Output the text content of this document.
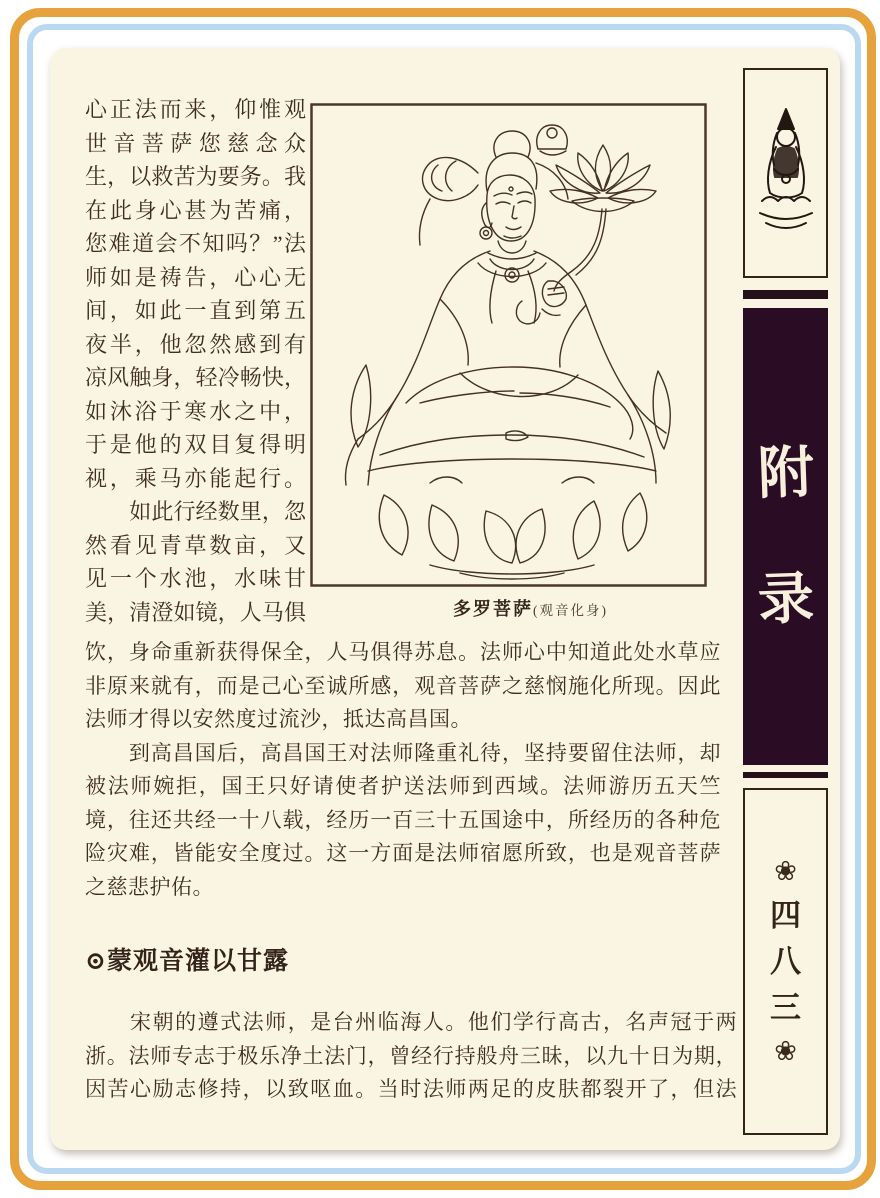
心正法而来，仰惟观
世音菩萨您慈念众
生，以救苦为要务。我
在此身心甚为苦痛，
您难道会不知吗？”法
师如是祷告，心心无
间，如此一直到第五
夜半，他忽然感到有
凉风触身，轻冷畅快，
如沐浴于寒水之中，
于是他的双目复得明
视，乘马亦能起行。
　　如此行经数里，忽
然看见青草数亩，又
见一个水池，水味甘
美，清澄如镜，人马俱	多罗菩萨(观音化身)
饮，身命重新获得保全，人马俱得苏息。法师心中知道此处水草应
非原来就有，而是己心至诚所感，观音菩萨之慈悯施化所现。因此
法师才得以安然度过流沙，抵达高昌国。
　　到高昌国后，高昌国王对法师隆重礼待，坚持要留住法师，却
被法师婉拒，国王只好请使者护送法师到西域。法师游历五天竺
境，往还共经一十八载，经历一百三十五国途中，所经历的各种危
险灾难，皆能安全度过。这一方面是法师宿愿所致，也是观音菩萨
之慈悲护佑。
⊙蒙观音灌以甘露
　　宋朝的遵式法师，是台州临海人。他们学行高古，名声冠于两
浙。法师专志于极乐净土法门，曾经行持般舟三昧，以九十日为期，
因苦心励志修持，以致呕血。当时法师两足的皮肤都裂开了，但法
附
录
❀
四
八
三
❀
